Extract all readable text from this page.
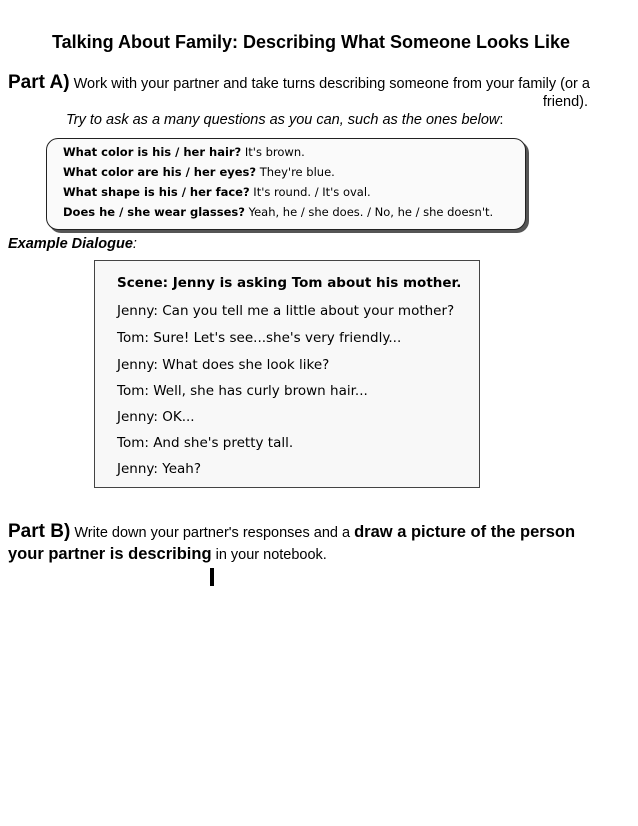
Talking About Family: Describing What Someone Looks Like
Part A) Work with your partner and take turns describing someone from your family (or a
friend).
Try to ask as a many questions as you can, such as the ones below:
What color is his / her hair? It's brown.
What color are his / her eyes? They're blue.
What shape is his / her face? It's round. / It's oval.
Does he / she wear glasses? Yeah, he / she does. / No, he / she doesn't.
Example Dialogue:
Scene: Jenny is asking Tom about his mother.
Jenny: Can you tell me a little about your mother?
Tom: Sure! Let's see...she's very friendly...
Jenny: What does she look like?
Tom: Well, she has curly brown hair...
Jenny: OK...
Tom: And she's pretty tall.
Jenny: Yeah?
Part B) Write down your partner's responses and a draw a picture of the person your partner is describing in your notebook.
